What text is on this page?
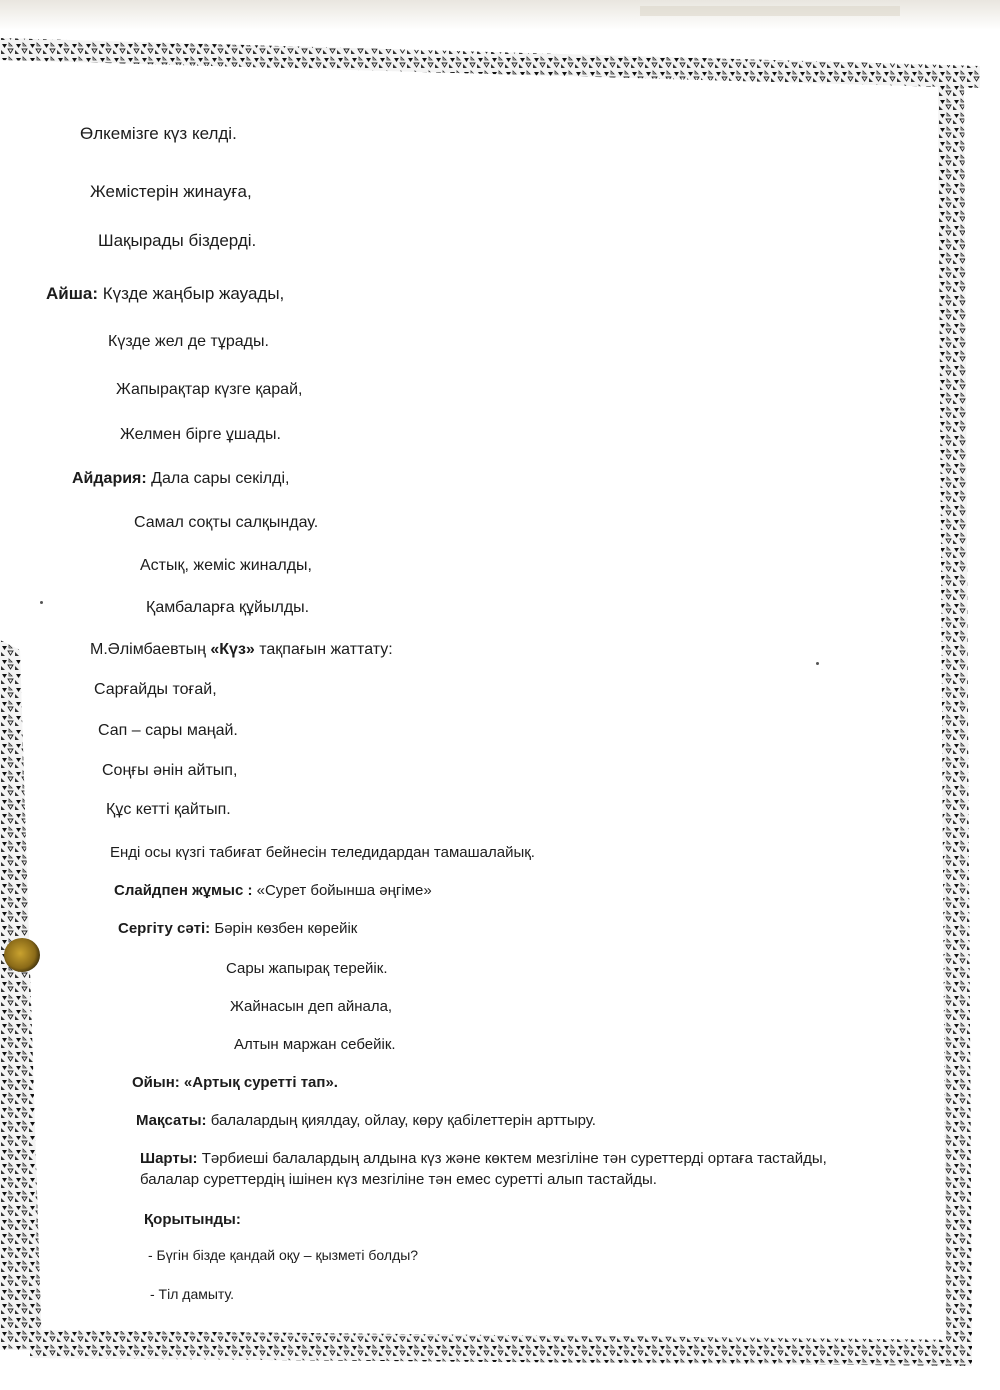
Өлкемізге күз келді.
Жемістерін жинауға,
Шақырады біздерді.
Айша: Күзде жаңбыр жауады,
Күзде жел де тұрады.
Жапырақтар күзге қарай,
Желмен бірге ұшады.
Айдария: Дала сары секілді,
Самал соқты салқындау.
Астық, жеміс жиналды,
Қамбаларға құйылды.
М.Әлімбаевтың «Күз» тақпағын жаттату:
Сарғайды тоғай,
Сап – сары маңай.
Соңғы әнін айтып,
Құс кетті қайтып.
Енді осы күзгі табиғат бейнесін теледидардан тамашалайық.
Слайдпен жұмыс : «Сурет бойынша әңгіме»
Сергіту сәті: Бәрін көзбен көрейік
Сары жапырақ терейік.
Жайнасын деп айнала,
Алтын маржан себейік.
Ойын: «Артық суретті тап».
Мақсаты: балалардың қиялдау, ойлау, көру қабілеттерін арттыру.
Шарты: Тәрбиеші балалардың алдына күз және көктем мезгіліне тән суреттерді ортаға тастайды,
балалар суреттердің ішінен күз мезгіліне тән емес суретті алып тастайды.
Қорытынды:
- Бүгін бізде қандай оқу – қызметі болды?
- Тіл дамыту.
